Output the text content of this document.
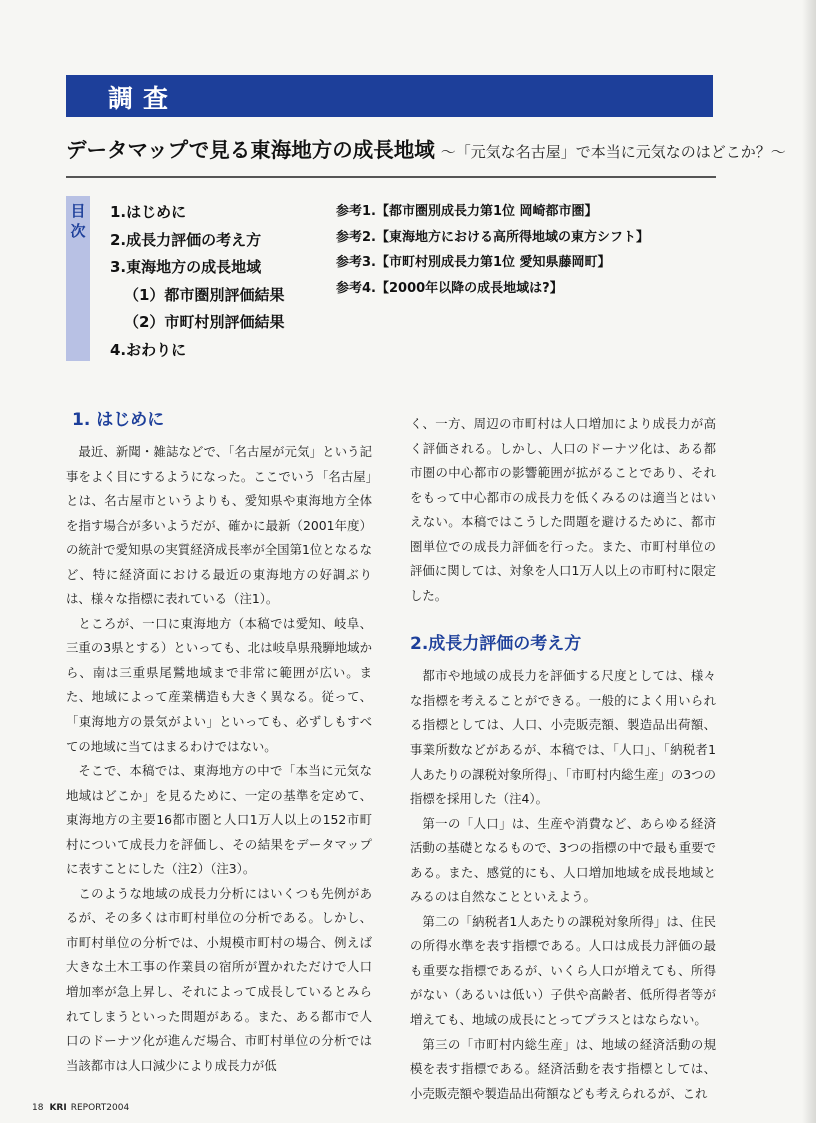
調査
データマップで見る東海地方の成長地域 〜「元気な名古屋」で本当に元気なのはどこか？〜
目
次
1.はじめに
2.成長力評価の考え方
3.東海地方の成長地域
（1）都市圏別評価結果
（2）市町村別評価結果
4.おわりに
参考1.【都市圏別成長力第1位 岡崎都市圏】
参考2.【東海地方における高所得地域の東方シフト】
参考3.【市町村別成長力第1位 愛知県藤岡町】
参考4.【2000年以降の成長地域は?】
1. はじめに

最近、新聞・雑誌などで、「名古屋が元気」という記事をよく目にするようになった。ここでいう「名古屋」とは、名古屋市というよりも、愛知県や東海地方全体を指す場合が多いようだが、確かに最新（2001年度）の統計で愛知県の実質経済成長率が全国第1位となるなど、特に経済面における最近の東海地方の好調ぶりは、様々な指標に表れている（注1）。

ところが、一口に東海地方（本稿では愛知、岐阜、三重の3県とする）といっても、北は岐阜県飛騨地域から、南は三重県尾鷲地域まで非常に範囲が広い。また、地域によって産業構造も大きく異なる。従って、「東海地方の景気がよい」といっても、必ずしもすべての地域に当てはまるわけではない。

そこで、本稿では、東海地方の中で「本当に元気な地域はどこか」を見るために、一定の基準を定めて、東海地方の主要16都市圏と人口1万人以上の152市町村について成長力を評価し、その結果をデータマップに表すことにした（注2）（注3）。

このような地域の成長力分析にはいくつも先例があるが、その多くは市町村単位の分析である。しかし、市町村単位の分析では、小規模市町村の場合、例えば大きな土木工事の作業員の宿所が置かれただけで人口増加率が急上昇し、それによって成長しているとみられてしまうといった問題がある。また、ある都市で人口のドーナツ化が進んだ場合、市町村単位の分析では当該都市は人口減少により成長力が低

く、一方、周辺の市町村は人口増加により成長力が高く評価される。しかし、人口のドーナツ化は、ある都市圏の中心都市の影響範囲が拡がることであり、それをもって中心都市の成長力を低くみるのは適当とはいえない。本稿ではこうした問題を避けるために、都市圏単位での成長力評価を行った。また、市町村単位の評価に関しては、対象を人口1万人以上の市町村に限定した。

2.成長力評価の考え方

都市や地域の成長力を評価する尺度としては、様々な指標を考えることができる。一般的によく用いられる指標としては、人口、小売販売額、製造品出荷額、事業所数などがあるが、本稿では、「人口」、「納税者1人あたりの課税対象所得」、「市町村内総生産」の3つの指標を採用した（注4）。

第一の「人口」は、生産や消費など、あらゆる経済活動の基礎となるもので、3つの指標の中で最も重要である。また、感覚的にも、人口増加地域を成長地域とみるのは自然なことといえよう。

第二の「納税者1人あたりの課税対象所得」は、住民の所得水準を表す指標である。人口は成長力評価の最も重要な指標であるが、いくら人口が増えても、所得がない（あるいは低い）子供や高齢者、低所得者等が増えても、地域の成長にとってプラスとはならない。

第三の「市町村内総生産」は、地域の経済活動の規模を表す指標である。経済活動を表す指標としては、小売販売額や製造品出荷額なども考えられるが、これ

18 KRI REPORT2004
